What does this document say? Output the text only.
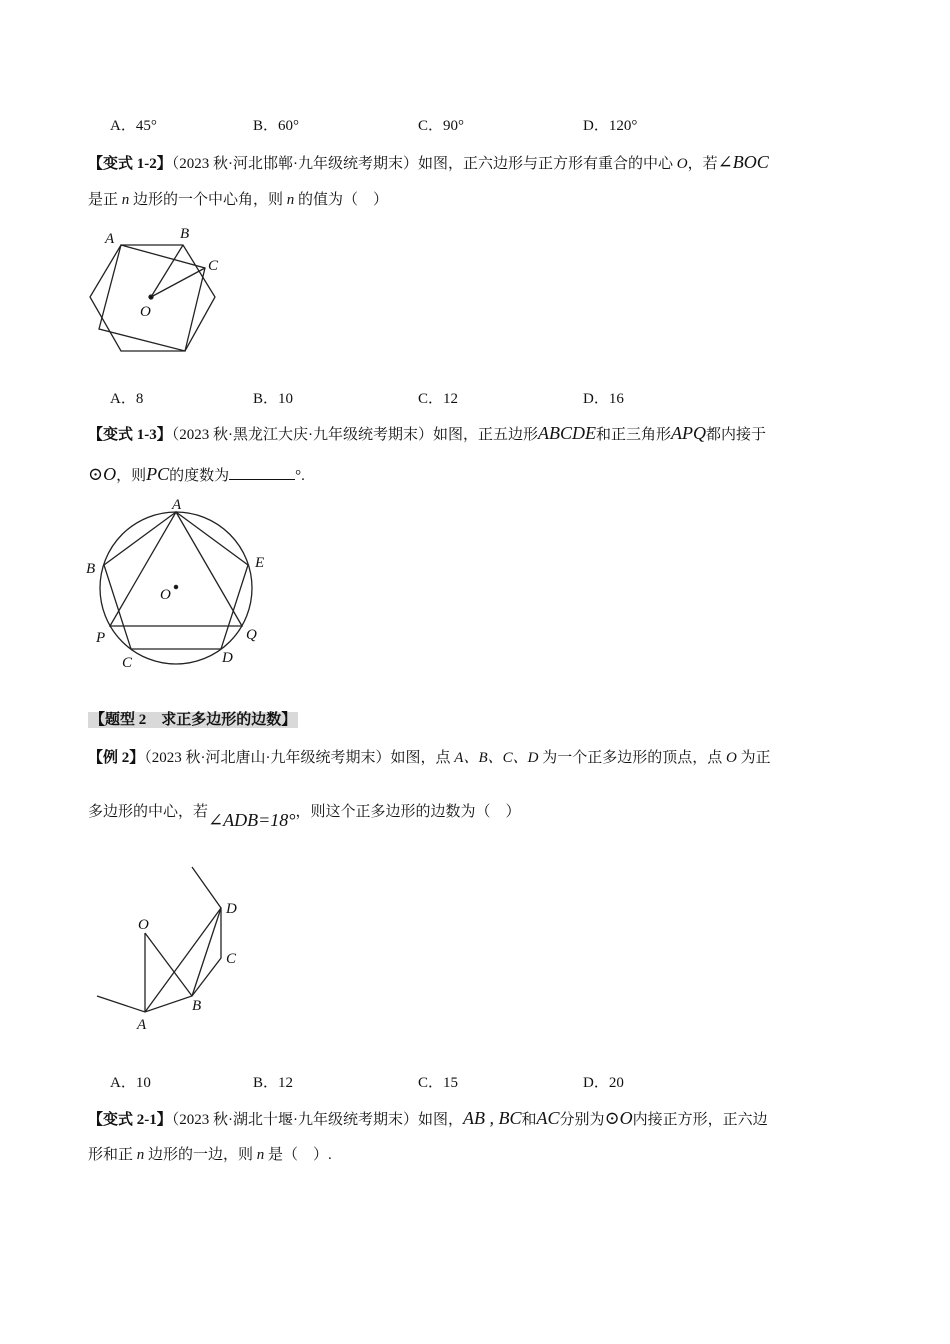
A．45°	B．60°	C．90°	D．120°
【变式 1-2】（2023 秋·河北邯郸·九年级统考期末）如图，正六边形与正方形有重合的中心 O，若∠BOC
是正 n 边形的一个中心角，则 n 的值为（　）
A	B
C
O
A．8	B．10	C．12	D．16
【变式 1-3】（2023 秋·黑龙江大庆·九年级统考期末）如图，正五边形ABCDE和正三角形APQ都内接于
⊙O，则PC的度数为	°.
A
B	E
P	Q
C	D
O
【题型 2　求正多边形的边数】
【例 2】（2023 秋·河北唐山·九年级统考期末）如图，点 A、B、C、D 为一个正多边形的顶点，点 O 为正
多边形的中心，若∠ADB=18°，则这个正多边形的边数为（　）
O
D
C
B
A
A．10	B．12	C．15	D．20
【变式 2-1】（2023 秋·湖北十堰·九年级统考期末）如图，AB , BC和AC分别为⊙O内接正方形，正六边
形和正 n 边形的一边，则 n 是（　）.
